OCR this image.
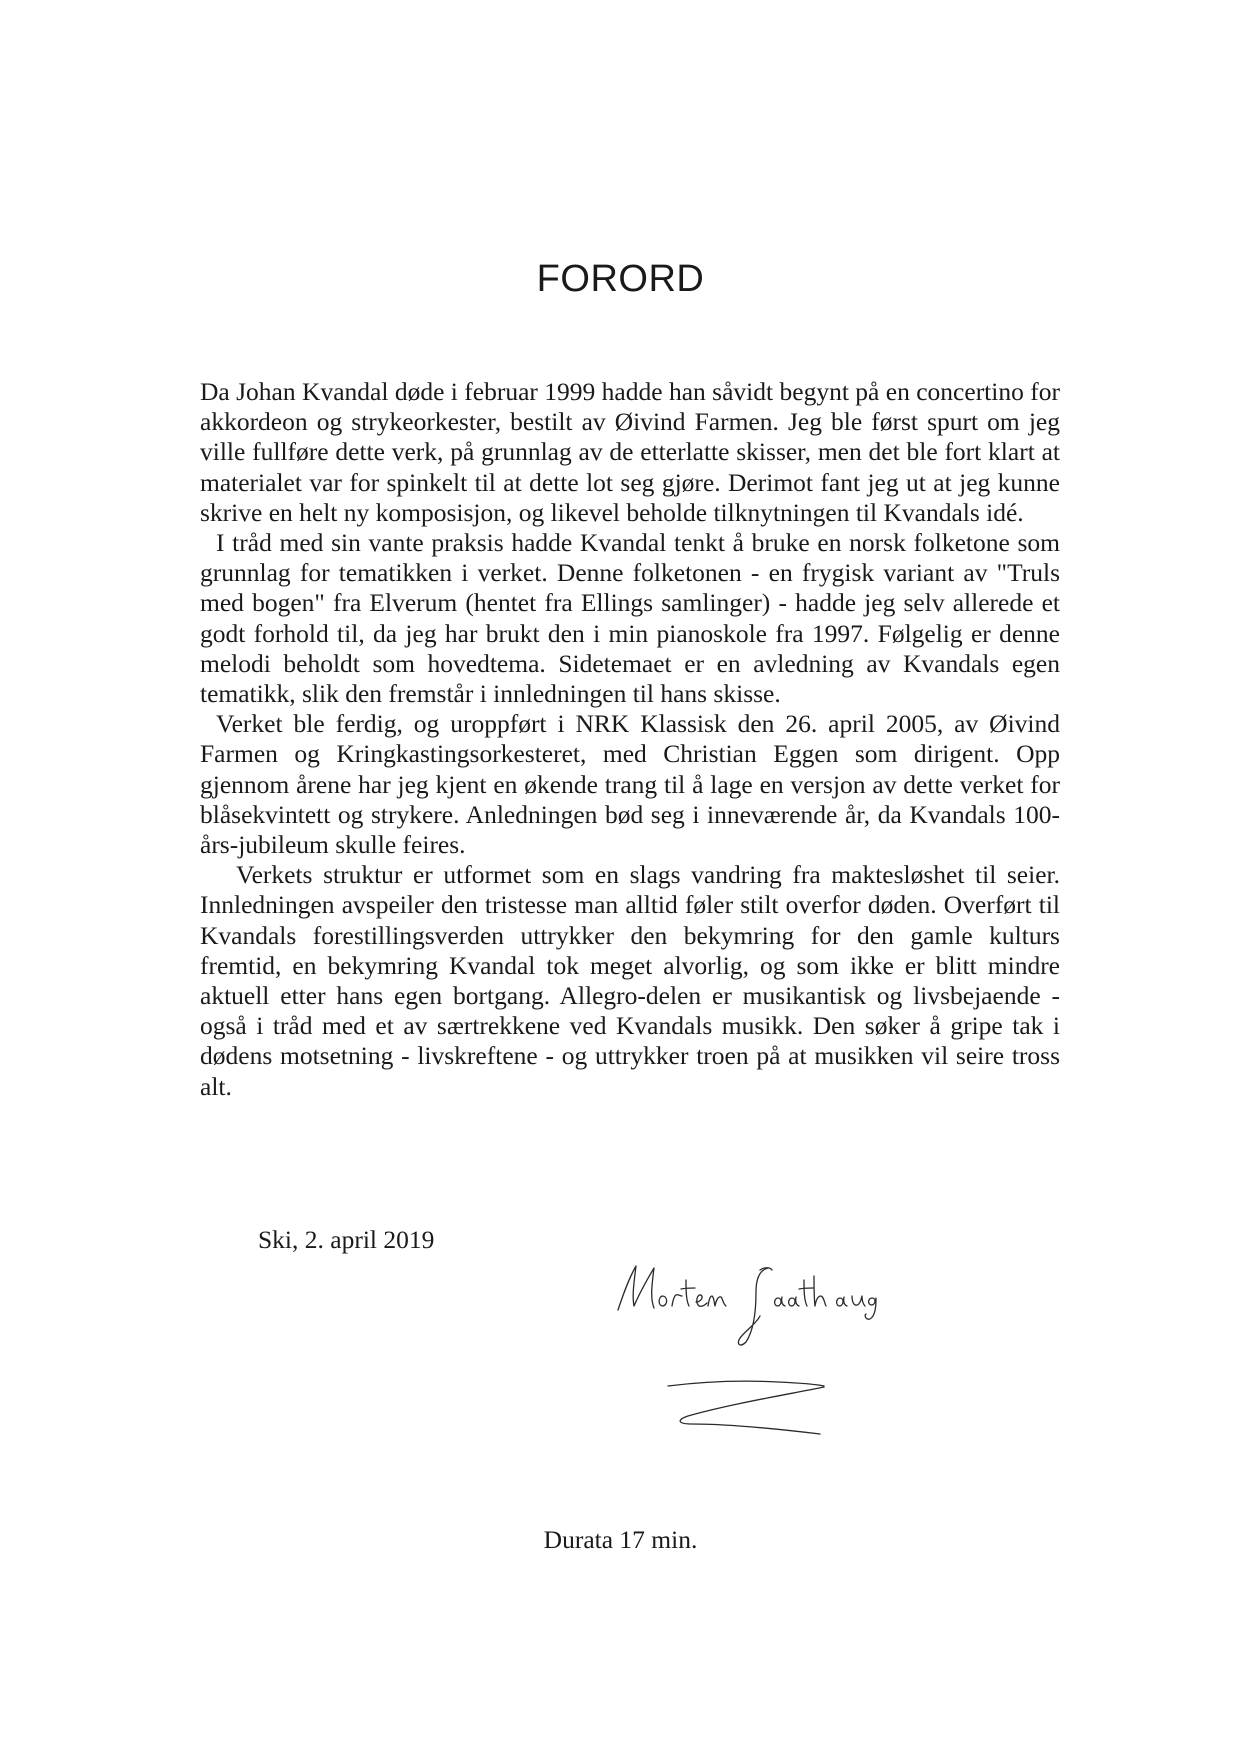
FORORD

Da Johan Kvandal døde i februar 1999 hadde han såvidt begynt på en concertino for akkordeon og strykeorkester, bestilt av Øivind Farmen. Jeg ble først spurt om jeg ville fullføre dette verk, på grunnlag av de etterlatte skisser, men det ble fort klart at materialet var for spinkelt til at dette lot seg gjøre. Derimot fant jeg ut at jeg kunne skrive en helt ny komposisjon, og likevel beholde tilknytningen til Kvandals idé.

I tråd med sin vante praksis hadde Kvandal tenkt å bruke en norsk folketone som grunnlag for tematikken i verket. Denne folketonen - en frygisk variant av "Truls med bogen" fra Elverum (hentet fra Ellings samlinger) - hadde jeg selv allerede et godt forhold til, da jeg har brukt den i min pianoskole fra 1997. Følgelig er denne melodi beholdt som hovedtema. Sidetemaet er en avledning av Kvandals egen tematikk, slik den fremstår i innledningen til hans skisse.

Verket ble ferdig, og uroppført i NRK Klassisk den 26. april 2005, av Øivind Farmen og Kringkastingsorkesteret, med Christian Eggen som dirigent. Opp gjennom årene har jeg kjent en økende trang til å lage en versjon av dette verket for blåsekvintett og strykere. Anledningen bød seg i inneværende år, da Kvandals 100-års-jubileum skulle feires.

Verkets struktur er utformet som en slags vandring fra maktesløshet til seier. Innledningen avspeiler den tristesse man alltid føler stilt overfor døden. Overført til Kvandals forestillingsverden uttrykker den bekymring for den gamle kulturs fremtid, en bekymring Kvandal tok meget alvorlig, og som ikke er blitt mindre aktuell etter hans egen bortgang. Allegro-delen er musikantisk og livsbejaende - også i tråd med et av særtrekkene ved Kvandals musikk. Den søker å gripe tak i dødens motsetning - livskreftene - og uttrykker troen på at musikken vil seire tross alt.

Ski, 2. april 2019

Durata 17 min.
